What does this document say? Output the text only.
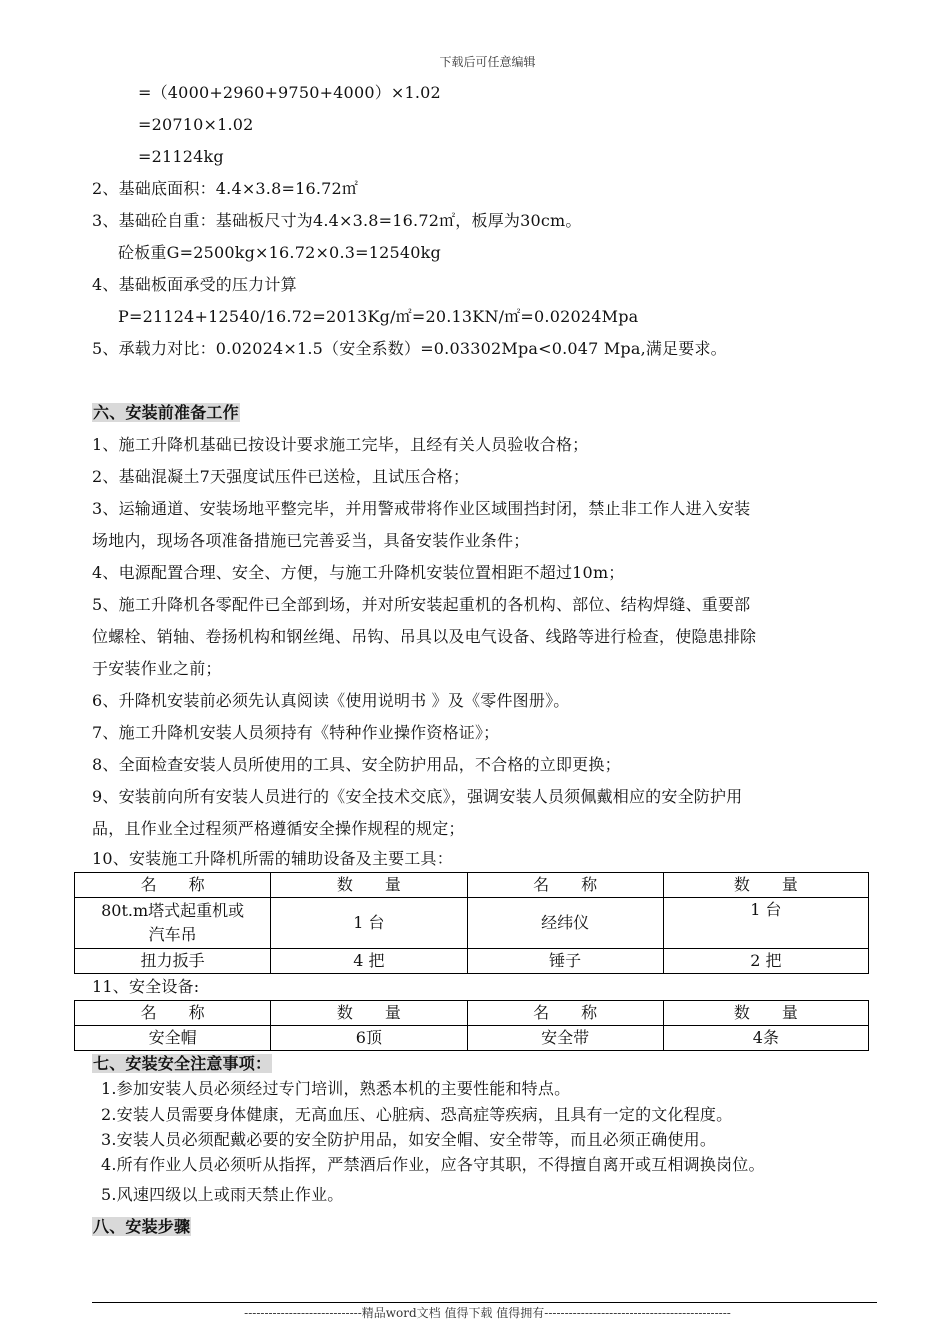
下载后可任意编辑
=（4000+2960+9750+4000）×1.02
=20710×1.02
=21124kg
2、基础底面积：4.4×3.8=16.72㎡
3、基础砼自重：基础板尺寸为4.4×3.8=16.72㎡，板厚为30cm。
砼板重G=2500kg×16.72×0.3=12540kg
4、基础板面承受的压力计算
P=21124+12540/16.72=2013Kg/㎡=20.13KN/㎡=0.02024Mpa
5、承载力对比：0.02024×1.5（安全系数）=0.03302Mpa<0.047 Mpa,满足要求。
六、安装前准备工作
1、施工升降机基础已按设计要求施工完毕，且经有关人员验收合格；
2、基础混凝土7天强度试压件已送检，且试压合格；
3、运输通道、安装场地平整完毕，并用警戒带将作业区域围挡封闭，禁止非工作人进入安装
场地内，现场各项准备措施已完善妥当，具备安装作业条件；
4、电源配置合理、安全、方便，与施工升降机安装位置相距不超过10m；
5、施工升降机各零配件已全部到场，并对所安装起重机的各机构、部位、结构焊缝、重要部
位螺栓、销轴、卷扬机构和钢丝绳、吊钩、吊具以及电气设备、线路等进行检查，使隐患排除
于安装作业之前；
6、升降机安装前必须先认真阅读《使用说明书 》及《零件图册》。
7、施工升降机安装人员须持有《特种作业操作资格证》；
8、全面检查安装人员所使用的工具、安全防护用品，不合格的立即更换；
9、安装前向所有安装人员进行的《安全技术交底》，强调安装人员须佩戴相应的安全防护用
品，且作业全过程须严格遵循安全操作规程的规定；
10、安装施工升降机所需的辅助设备及主要工具：
名　　称	数　　量	名　　称	数　　量
80t.m塔式起重机或
汽车吊	1 台	经纬仪	1 台
扭力扳手	4 把	锤子	2 把
11、安全设备:
名　　称	数　　量	名　　称	数　　量
安全帽	6顶	安全带	4条
七、安装安全注意事项：
1.参加安装人员必须经过专门培训，熟悉本机的主要性能和特点。
2.安装人员需要身体健康，无高血压、心脏病、恐高症等疾病，且具有一定的文化程度。
3.安装人员必须配戴必要的安全防护用品，如安全帽、安全带等，而且必须正确使用。
4.所有作业人员必须听从指挥，严禁酒后作业，应各守其职，不得擅自离开或互相调换岗位。
5.风速四级以上或雨天禁止作业。
八、安装步骤
-----------------------------精品word文档 值得下载 值得拥有----------------------------------------------
